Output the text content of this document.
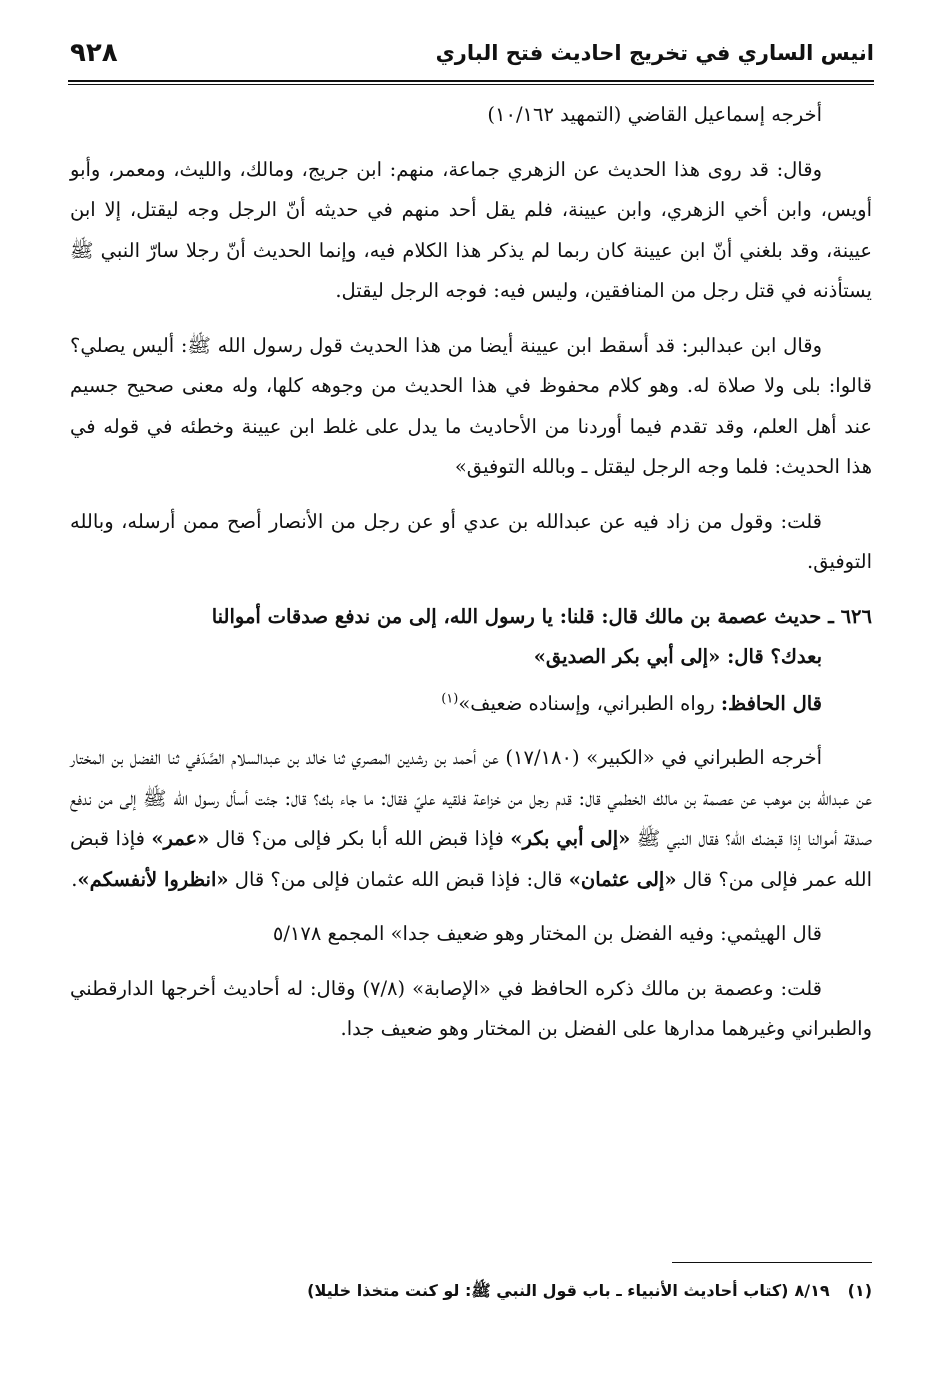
انيس الساري في تخريج احاديث فتح الباري
٩٢٨

أخرجه إسماعيل القاضي (التمهيد ١٠/١٦٢)

وقال: قد روى هذا الحديث عن الزهري جماعة، منهم: ابن جريج، ومالك، والليث، ومعمر، وأبو أويس، وابن أخي الزهري، وابن عيينة، فلم يقل أحد منهم في حديثه أنّ الرجل وجه ليقتل، إلا ابن عيينة، وقد بلغني أنّ ابن عيينة كان ربما لم يذكر هذا الكلام فيه، وإنما الحديث أنّ رجلا سارّ النبي ﷺ يستأذنه في قتل رجل من المنافقين، وليس فيه: فوجه الرجل ليقتل.

وقال ابن عبدالبر: قد أسقط ابن عيينة أيضا من هذا الحديث قول رسول الله ﷺ: أليس يصلي؟ قالوا: بلى ولا صلاة له. وهو كلام محفوظ في هذا الحديث من وجوهه كلها، وله معنى صحيح جسيم عند أهل العلم، وقد تقدم فيما أوردنا من الأحاديث ما يدل على غلط ابن عيينة وخطئه في قوله في هذا الحديث: فلما وجه الرجل ليقتل ـ وبالله التوفيق»

قلت: وقول من زاد فيه عن عبدالله بن عدي أو عن رجل من الأنصار أصح ممن أرسله، وبالله التوفيق.

٦٢٦ ـ حديث عصمة بن مالك قال: قلنا: يا رسول الله، إلى من ندفع صدقات أموالنا
بعدك؟ قال: «إلى أبي بكر الصديق»

قال الحافظ: رواه الطبراني، وإسناده ضعيف»$^{(١)}$

أخرجه الطبراني في «الكبير» (١٧/١٨٠) عن أحمد بن رشدين المصري ثنا خالد بن عبدالسلام الصَّدَفي ثنا الفضل بن المختار عن عبدالله بن موهب عن عصمة بن مالك الخطمي قال: قدم رجل من خزاعة فلقيه عليّ فقال: ما جاء بك؟ قال: جئت أسأل رسول الله ﷺ إلى من ندفع صدقة أموالنا إذا قبضك الله؟ فقال النبي ﷺ «إلى أبي بكر» فإذا قبض الله أبا بكر فإلى من؟ قال «عمر» فإذا قبض الله عمر فإلى من؟ قال «إلى عثمان» قال: فإذا قبض الله عثمان فإلى من؟ قال «انظروا لأنفسكم».

قال الهيثمي: وفيه الفضل بن المختار وهو ضعيف جدا» المجمع ٥/١٧٨

قلت: وعصمة بن مالك ذكره الحافظ في «الإصابة» (٧/٨) وقال: له أحاديث أخرجها الدارقطني والطبراني وغيرهما مدارها على الفضل بن المختار وهو ضعيف جدا.

(١)٨/١٩(كتاب أحاديث الأنبياء ـ باب قول النبي ﷺ: لو كنت متخذا خليلا)
